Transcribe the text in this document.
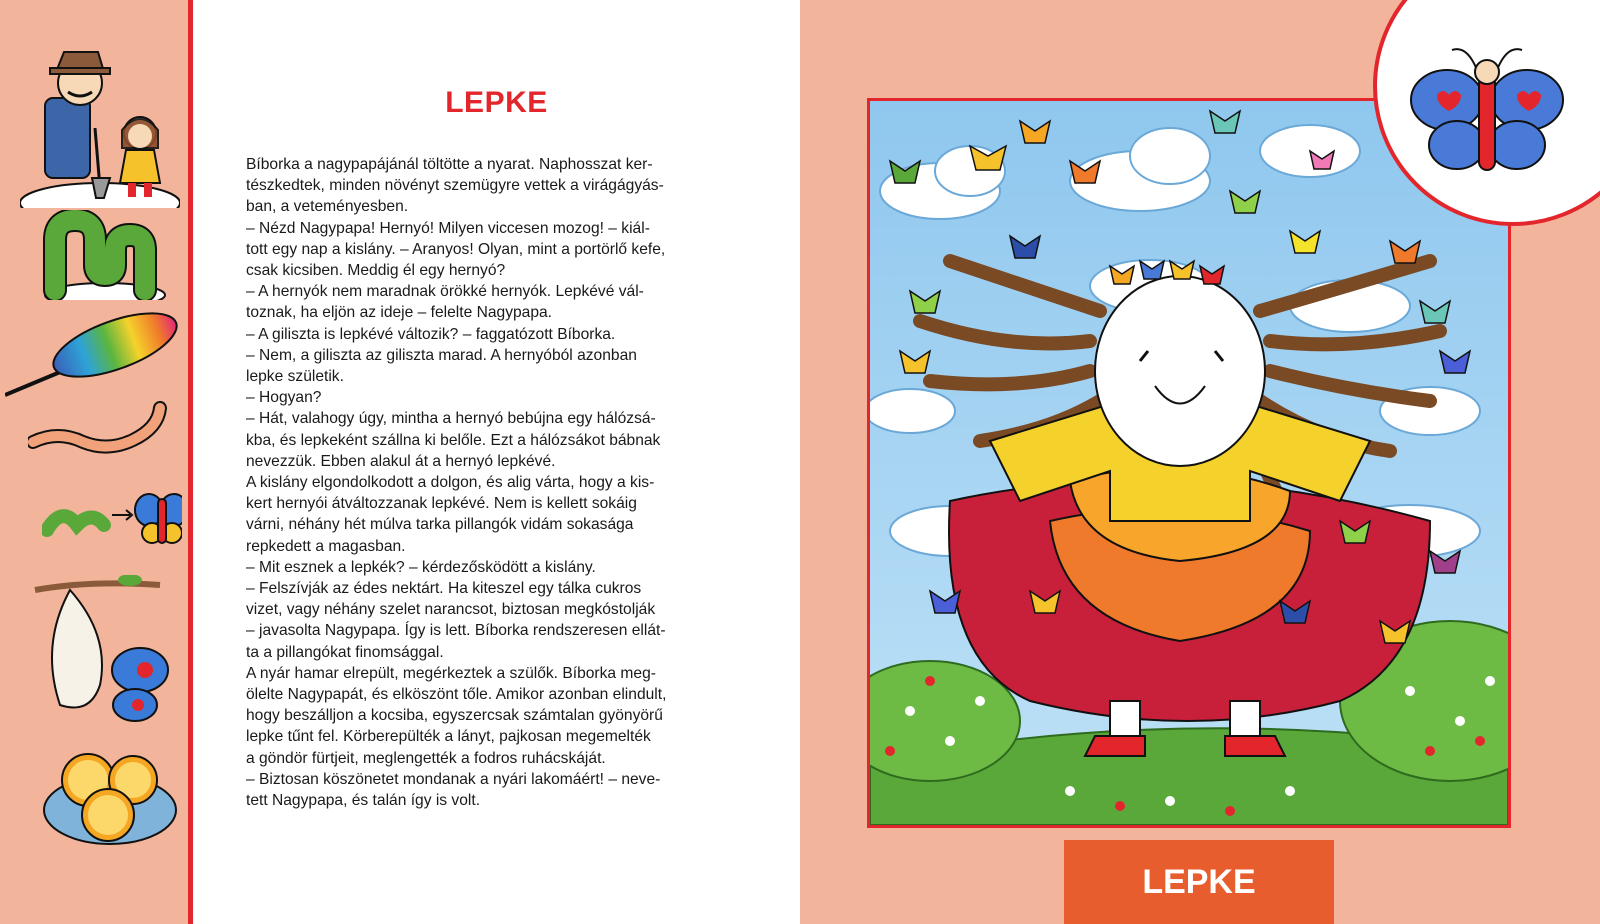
LEPKE

Bíborka a nagypapájánál töltötte a nyarat. Naphosszat ker-

tészkedtek, minden növényt szemügyre vettek a virágágyás-

ban, a veteményesben.

– Nézd Nagypapa! Hernyó! Milyen viccesen mozog! – kiál-

tott egy nap a kislány. – Aranyos! Olyan, mint a portörlő kefe,

csak kicsiben. Meddig él egy hernyó?

– A hernyók nem maradnak örökké hernyók. Lepkévé vál-

toznak, ha eljön az ideje – felelte Nagypapa.

– A giliszta is lepkévé változik? – faggatózott Bíborka.

– Nem, a giliszta az giliszta marad. A hernyóból azonban

lepke születik.

– Hogyan?

– Hát, valahogy úgy, mintha a hernyó bebújna egy hálózsá-

kba, és lepkeként szállna ki belőle. Ezt a hálózsákot bábnak

nevezzük. Ebben alakul át a hernyó lepkévé.

A kislány elgondolkodott a dolgon, és alig várta, hogy a kis-

kert hernyói átváltozzanak lepkévé. Nem is kellett sokáig

várni, néhány hét múlva tarka pillangók vidám sokasága

repkedett a magasban.

– Mit esznek a lepkék? – kérdezősködött a kislány.

– Felszívják az édes nektárt. Ha kiteszel egy tálka cukros

vizet, vagy néhány szelet narancsot, biztosan megkóstolják

– javasolta Nagypapa. Így is lett. Bíborka rendszeresen ellát-

ta a pillangókat finomsággal.

A nyár hamar elrepült, megérkeztek a szülők. Bíborka meg-

ölelte Nagypapát, és elköszönt tőle. Amikor azonban elindult,

hogy beszálljon a kocsiba, egyszercsak számtalan gyönyörű

lepke tűnt fel. Körberepülték a lányt, pajkosan megemelték

a göndör fürtjeit, meglengették a fodros ruhácskáját.

– Biztosan köszönetet mondanak a nyári lakomáért! – neve-

tett Nagypapa, és talán így is volt.

LEPKE
